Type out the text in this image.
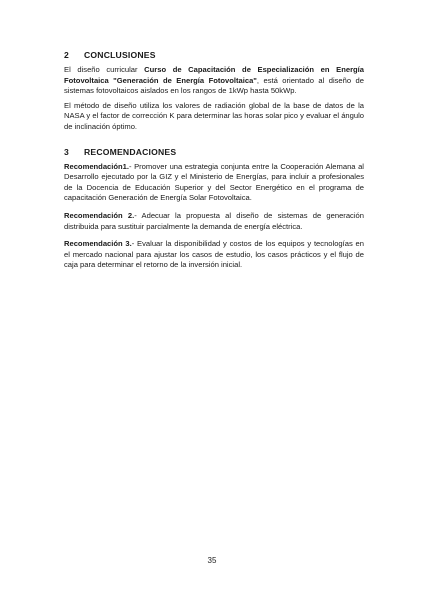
2	CONCLUSIONES

El diseño curricular Curso de Capacitación de Especialización en Energía Fotovoltaica "Generación de Energía Fotovoltaica", está orientado al diseño de sistemas fotovoltaicos aislados en los rangos de 1kWp hasta 50kWp.

El método de diseño utiliza los valores de radiación global de la base de datos de la NASA y el factor de corrección K para determinar las horas solar pico y evaluar el ángulo de inclinación óptimo.

3	RECOMENDACIONES

Recomendación1.- Promover una estrategia conjunta entre la Cooperación Alemana al Desarrollo ejecutado por la GIZ y el Ministerio de Energías, para incluir a profesionales de la Docencia de Educación Superior y del Sector Energético en el programa de capacitación Generación de Energía Solar Fotovoltaica.

Recomendación 2.- Adecuar la propuesta al diseño de sistemas de generación distribuida para sustituir parcialmente la demanda de energía eléctrica.

Recomendación 3.- Evaluar la disponibilidad y costos de los equipos y tecnologías en el mercado nacional para ajustar los casos de estudio, los casos prácticos y el flujo de caja para determinar el retorno de la inversión inicial.

35
